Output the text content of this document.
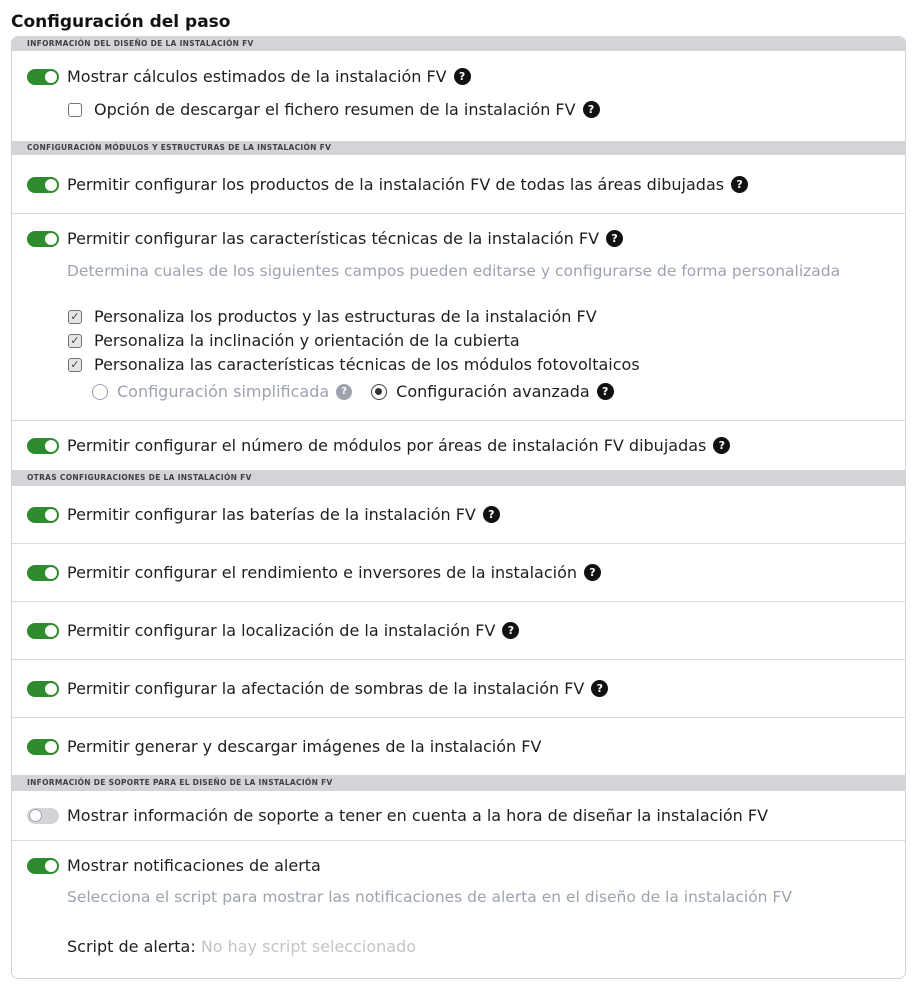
Configuración del paso
INFORMACIÓN DEL DISEÑO DE LA INSTALACIÓN FV
Mostrar cálculos estimados de la instalación FV	?
Opción de descargar el fichero resumen de la instalación FV	?
CONFIGURACIÓN MÓDULOS Y ESTRUCTURAS DE LA INSTALACIÓN FV
Permitir configurar los productos de la instalación FV de todas las áreas dibujadas	?
Permitir configurar las características técnicas de la instalación FV	?
Determina cuales de los siguientes campos pueden editarse y configurarse de forma personalizada
✓ Personaliza los productos y las estructuras de la instalación FV
✓ Personaliza la inclinación y orientación de la cubierta
✓ Personaliza las características técnicas de los módulos fotovoltaicos
Configuración simplificada	?	Configuración avanzada	?
Permitir configurar el número de módulos por áreas de instalación FV dibujadas	?
OTRAS CONFIGURACIONES DE LA INSTALACIÓN FV
Permitir configurar las baterías de la instalación FV	?
Permitir configurar el rendimiento e inversores de la instalación	?
Permitir configurar la localización de la instalación FV	?
Permitir configurar la afectación de sombras de la instalación FV	?
Permitir generar y descargar imágenes de la instalación FV
INFORMACIÓN DE SOPORTE PARA EL DISEÑO DE LA INSTALACIÓN FV
Mostrar información de soporte a tener en cuenta a la hora de diseñar la instalación FV
Mostrar notificaciones de alerta
Selecciona el script para mostrar las notificaciones de alerta en el diseño de la instalación FV
Script de alerta: No hay script seleccionado
